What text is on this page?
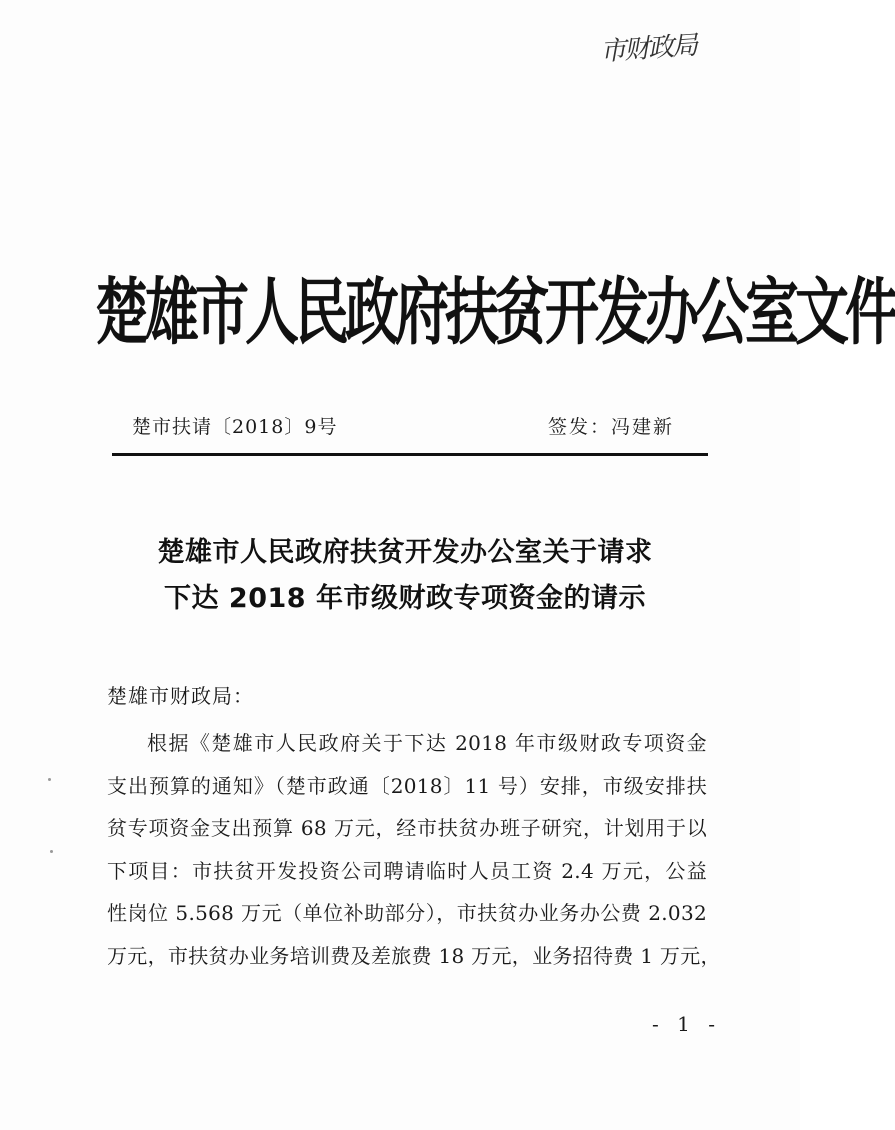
市财政局
楚雄市人民政府扶贫开发办公室文件
楚市扶请〔2018〕9号	签发：冯建新
楚雄市人民政府扶贫开发办公室关于请求
下达 2018 年市级财政专项资金的请示
楚雄市财政局：
根据《楚雄市人民政府关于下达 2018 年市级财政专项资金
支出预算的通知》（楚市政通〔2018〕11 号）安排，市级安排扶
贫专项资金支出预算 68 万元，经市扶贫办班子研究，计划用于以
下项目：市扶贫开发投资公司聘请临时人员工资 2.4 万元，公益
性岗位 5.568 万元（单位补助部分），市扶贫办业务办公费 2.032
万元，市扶贫办业务培训费及差旅费 18 万元，业务招待费 1 万元，
- 1 -
